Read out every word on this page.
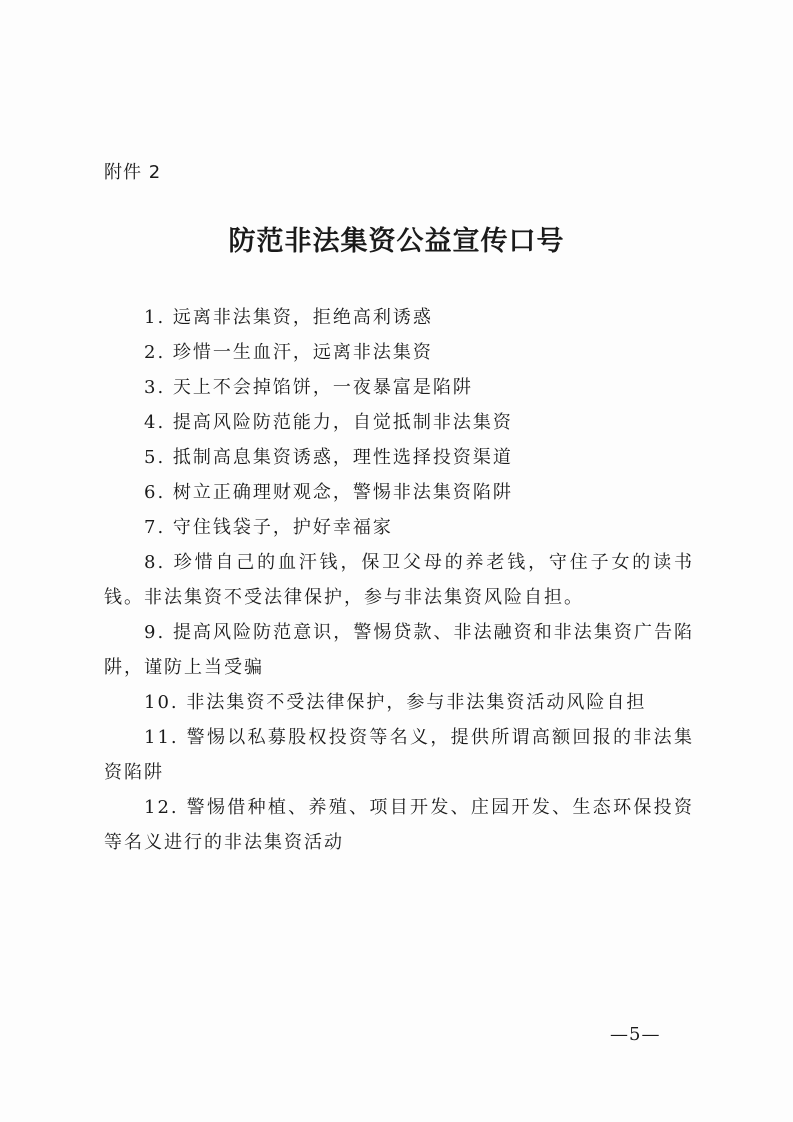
附件 2
防范非法集资公益宣传口号
1. 远离非法集资，拒绝高利诱惑
2. 珍惜一生血汗，远离非法集资
3. 天上不会掉馅饼，一夜暴富是陷阱
4. 提高风险防范能力，自觉抵制非法集资
5. 抵制高息集资诱惑，理性选择投资渠道
6. 树立正确理财观念，警惕非法集资陷阱
7. 守住钱袋子，护好幸福家
8. 珍惜自己的血汗钱，保卫父母的养老钱，守住子女的读书钱。非法集资不受法律保护，参与非法集资风险自担。
9. 提高风险防范意识，警惕贷款、非法融资和非法集资广告陷阱，谨防上当受骗
10. 非法集资不受法律保护，参与非法集资活动风险自担
11. 警惕以私募股权投资等名义，提供所谓高额回报的非法集资陷阱
12. 警惕借种植、养殖、项目开发、庄园开发、生态环保投资等名义进行的非法集资活动
—5—
